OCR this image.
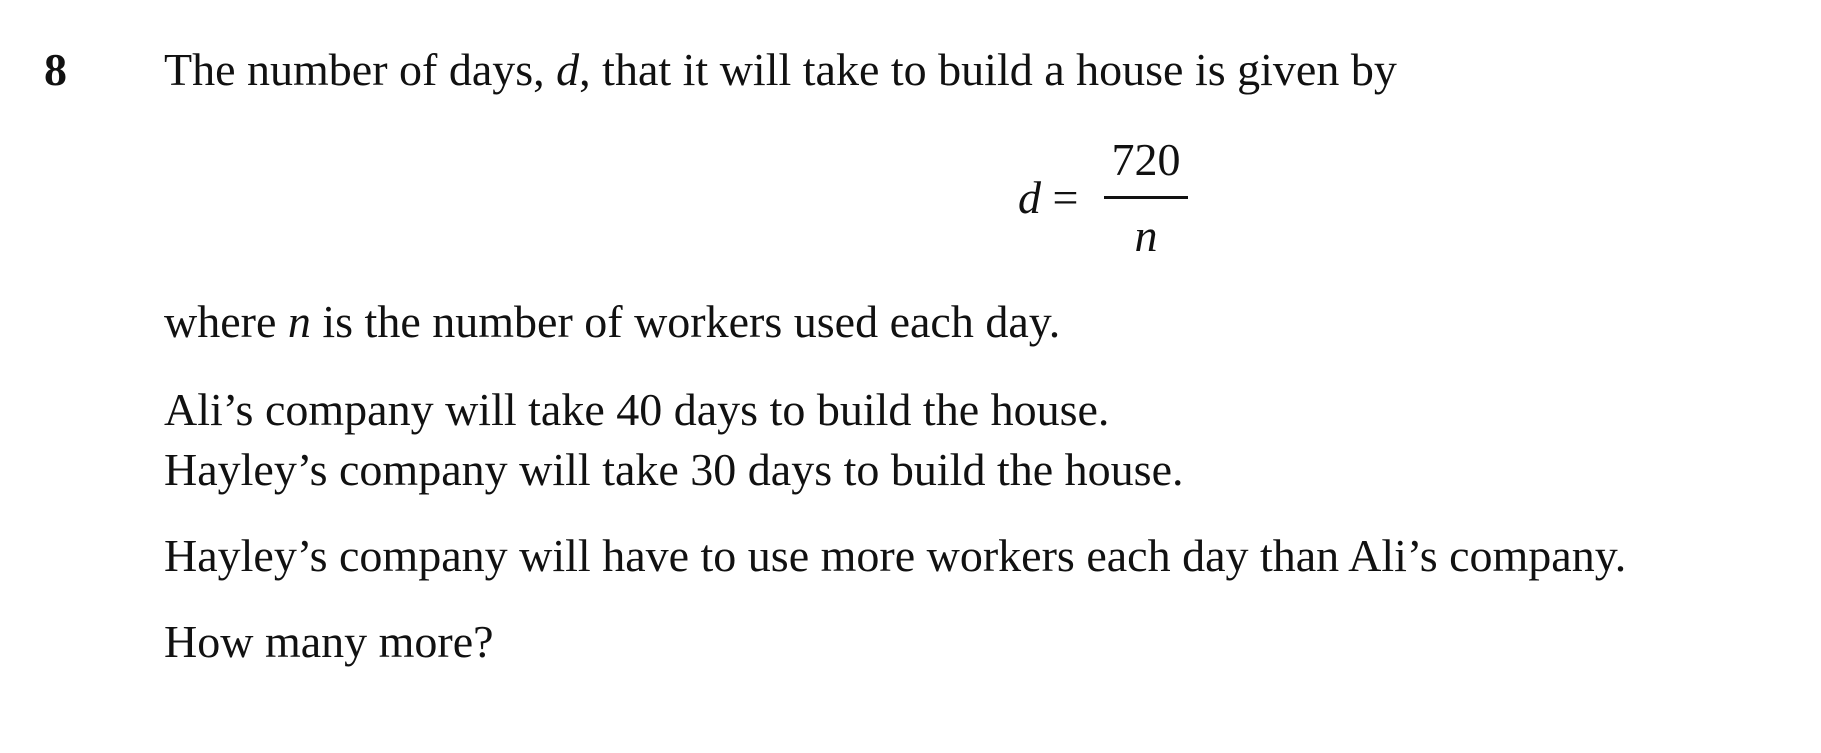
8 The number of days, d, that it will take to build a house is given by
d =
720
n
where n is the number of workers used each day.
Ali’s company will take 40 days to build the house.
Hayley’s company will take 30 days to build the house.
Hayley’s company will have to use more workers each day than Ali’s company.
How many more?
